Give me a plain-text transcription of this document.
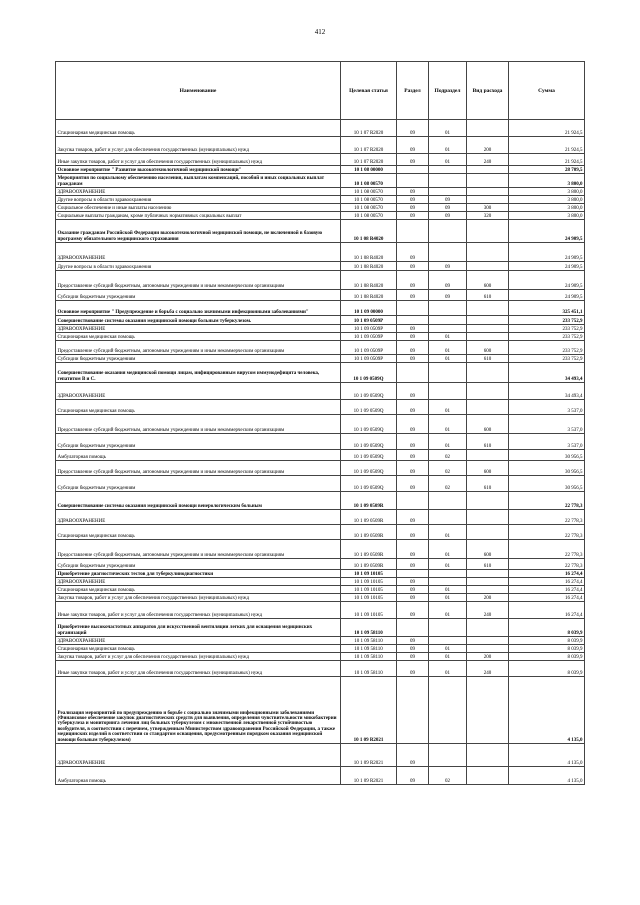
412
Наименование	Целевая статья	Раздел	Подраздел	Вид расхода	Сумма
Стационарная медицинская помощь	10 1 07 R2020	09	01		21 924,5
Закупка товаров, работ и услуг для обеспечения государственных (муниципальных) нужд	10 1 07 R2020	09	01	200	21 924,5
Иные закупки товаров, работ и услуг для обеспечения государственных (муниципальных) нужд	10 1 07 R2020	09	01	240	21 924,5
Основное мероприятие " Развитие высокотехнологичной медицинской помощи"	10 1 08 00000				28 709,5
Мероприятия по социальному обеспечению населения, выплатам компенсаций, пособий и иных социальных выплат гражданам	10 1 08 00570				3 800,0
ЗДРАВООХРАНЕНИЕ	10 1 08 00570	09			3 800,0
Другие вопросы в области здравоохранения	10 1 08 00570	09	09		3 800,0
Социальное обеспечение и иные выплаты населению	10 1 08 00570	09	09	300	3 800,0
Социальные выплаты гражданам, кроме публичных нормативных социальных выплат	10 1 08 00570	09	09	320	3 800,0
Оказание гражданам Российской Федерации высокотехнологичной медицинской помощи, не включенной в базовую программу обязательного медицинского страхования	10 1 08 R4020				24 909,5
ЗДРАВООХРАНЕНИЕ	10 1 08 R4020	09			24 909,5
Другие вопросы в области здравоохранения	10 1 08 R4020	09	09		24 909,5
Предоставление субсидий бюджетным, автономным учреждениям и иным некоммерческим организациям	10 1 08 R4020	09	09	600	24 909,5
Субсидии бюджетным учреждениям	10 1 08 R4020	09	09	610	24 909,5
Основное мероприятие " Предупреждение и борьба с социально значимыми инфекционными заболеваниями"	10 1 09 00000				325 451,1
Совершенствование системы оказания медицинской помощи больным туберкулезом.	10 1 09 0509P				233 752,9
ЗДРАВООХРАНЕНИЕ	10 1 09 0509P	09			233 752,9
Стационарная медицинская помощь	10 1 09 0509P	09	01		233 752,9
Предоставление субсидий бюджетным, автономным учреждениям и иным некоммерческим организациям	10 1 09 0509P	09	01	600	233 752,9
Субсидии бюджетным учреждениям	10 1 09 0509P	09	01	610	233 752,9
Совершенствование оказания медицинской помощи лицам, инфицированным вирусом иммунодефицита человека, гепатитом В и С.	10 1 09 0509Q				34 493,4
ЗДРАВООХРАНЕНИЕ	10 1 09 0509Q	09			34 493,4
Стационарная медицинская помощь	10 1 09 0509Q	09	01		3 537,0
Предоставление субсидий бюджетным, автономным учреждениям и иным некоммерческим организациям	10 1 09 0509Q	09	01	600	3 537,0
Субсидии бюджетным учреждениям	10 1 09 0509Q	09	01	610	3 537,0
Амбулаторная помощь	10 1 09 0509Q	09	02		30 956,5
Предоставление субсидий бюджетным, автономным учреждениям и иным некоммерческим организациям	10 1 09 0509Q	09	02	600	30 956,5
Субсидии бюджетным учреждениям	10 1 09 0509Q	09	02	610	30 956,5
Совершенствование системы оказания медицинской помощи венерологическим больным	10 1 09 0509R				22 778,3
ЗДРАВООХРАНЕНИЕ	10 1 09 0509R	09			22 778,3
Стационарная медицинская помощь	10 1 09 0509R	09	01		22 778,3
Предоставление субсидий бюджетным, автономным учреждениям и иным некоммерческим организациям	10 1 09 0509R	09	01	600	22 778,3
Субсидии бюджетным учреждениям	10 1 09 0509R	09	01	610	22 778,3
Приобретение диагностических тестов для туберкулинодиагностики	10 1 09 10105				16 274,4
ЗДРАВООХРАНЕНИЕ	10 1 09 10105	09			16 274,4
Стационарная медицинская помощь	10 1 09 10105	09	01		16 274,4
Закупка товаров, работ и услуг для обеспечения государственных (муниципальных) нужд	10 1 09 10105	09	01	200	16 274,4
Иные закупки товаров, работ и услуг для обеспечения государственных (муниципальных) нужд	10 1 09 10105	09	01	240	16 274,4
Приобретение высокочастотных аппаратов для искусственной вентиляции легких для оснащения медицинских организаций	10 1 09 58110				8 039,9
ЗДРАВООХРАНЕНИЕ	10 1 09 58110	09			8 039,9
Стационарная медицинская помощь	10 1 09 58110	09	01		8 039,9
Закупка товаров, работ и услуг для обеспечения государственных (муниципальных) нужд	10 1 09 58110	09	01	200	8 039,9
Иные закупки товаров, работ и услуг для обеспечения государственных (муниципальных) нужд	10 1 09 58110	09	01	240	8 039,9
Реализация мероприятий по предупреждению и борьбе с социально значимыми инфекционными заболеваниями (Финансовое обеспечение закупок диагностических средств для выявления, определения чувствительности микобактерии туберкулеза и мониторинга лечения лиц больных туберкулезом с множественной лекарственной устойчивостью возбудителя, в соответствии с перечнем, утвержденным Министерством здравоохранения Российской Федерации, а также медицинских изделий в соответствии со стандартом оснащения, предусмотренным порядком оказания медицинской помощи больным туберкулезом)	10 1 09 R2021				4 135,0
ЗДРАВООХРАНЕНИЕ	10 1 09 R2021	09			4 135,0
Амбулаторная помощь	10 1 09 R2021	09	02		4 135,0
